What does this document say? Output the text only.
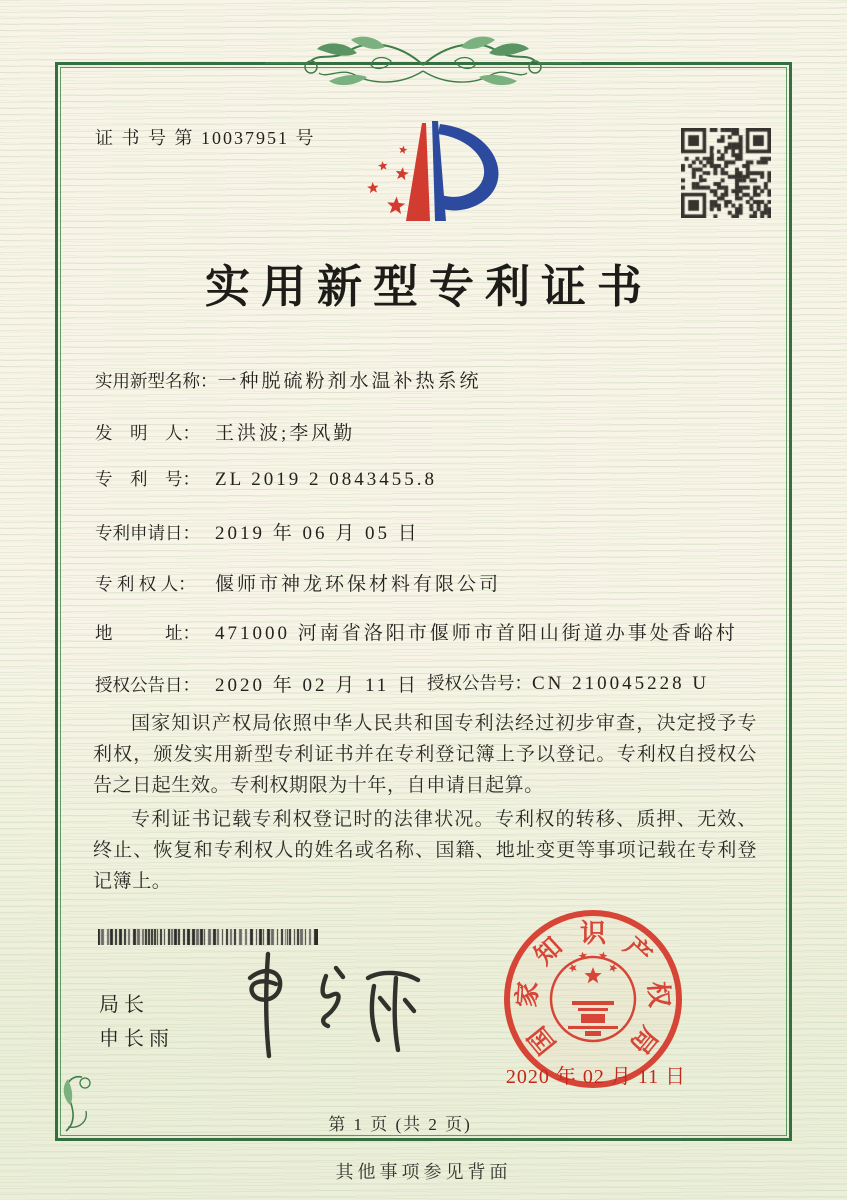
证 书 号 第 10037951 号
实用新型专利证书
实用新型名称：一种脱硫粉剂水温补热系统
发　明　人： 王洪波;李风勤
专　利　号： ZL 2019 2 0843455.8
专利申请日： 2019 年 06 月 05 日
专 利 权 人： 偃师市神龙环保材料有限公司
地　　　址： 471000 河南省洛阳市偃师市首阳山街道办事处香峪村
授权公告日： 2020 年 02 月 11 日 授权公告号：CN 210045228 U

国家知识产权局依照中华人民共和国专利法经过初步审查，决定授予专利权，颁发实用新型专利证书并在专利登记簿上予以登记。专利权自授权公告之日起生效。专利权期限为十年，自申请日起算。

专利证书记载专利权登记时的法律状况。专利权的转移、质押、无效、终止、恢复和专利权人的姓名或名称、国籍、地址变更等事项记载在专利登记簿上。

局长
申长雨	国
家
知 识 产
权
局
2020 年 02 月 11 日
第 1 页 (共 2 页)
其他事项参见背面
